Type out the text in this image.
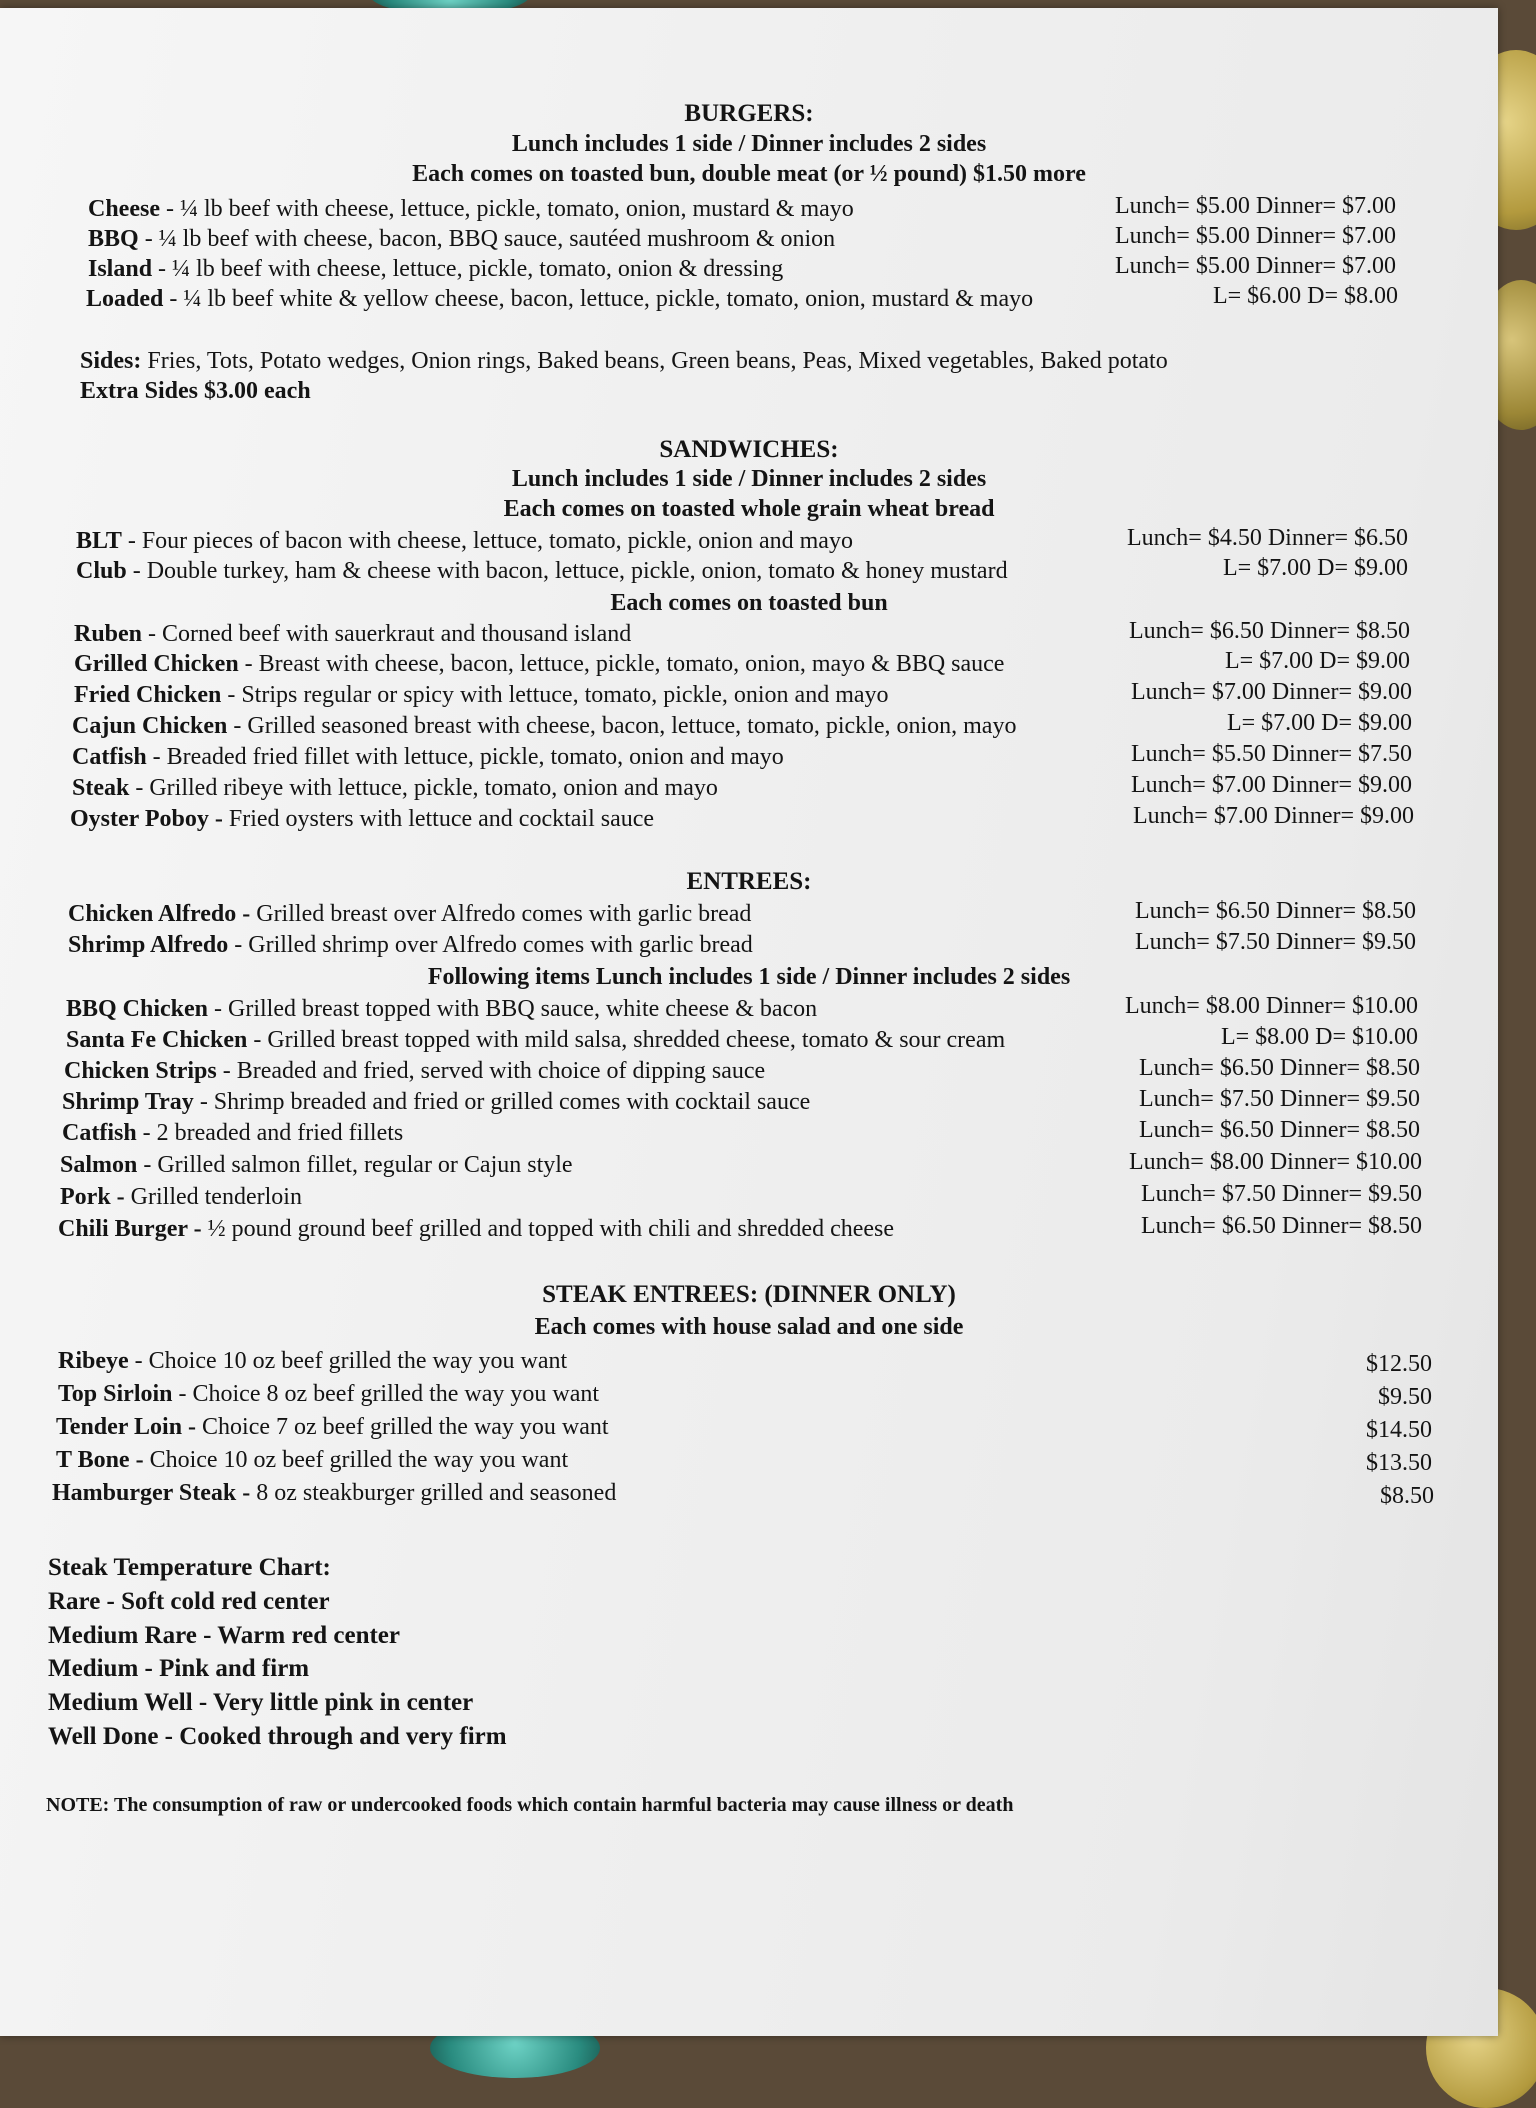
BURGERS:
Lunch includes 1 side / Dinner includes 2 sides
Each comes on toasted bun, double meat (or ½ pound) $1.50 more
Cheese - ¼ lb beef with cheese, lettuce, pickle, tomato, onion, mustard & mayo	Lunch= $5.00 Dinner= $7.00
BBQ - ¼ lb beef with cheese, bacon, BBQ sauce, sautéed mushroom & onion	Lunch= $5.00 Dinner= $7.00
Island - ¼ lb beef with cheese, lettuce, pickle, tomato, onion & dressing	Lunch= $5.00 Dinner= $7.00
Loaded - ¼ lb beef white & yellow cheese, bacon, lettuce, pickle, tomato, onion, mustard & mayo	L= $6.00 D= $8.00
Sides: Fries, Tots, Potato wedges, Onion rings, Baked beans, Green beans, Peas, Mixed vegetables, Baked potato
Extra Sides $3.00 each
SANDWICHES:
Lunch includes 1 side / Dinner includes 2 sides
Each comes on toasted whole grain wheat bread
BLT - Four pieces of bacon with cheese, lettuce, tomato, pickle, onion and mayo	Lunch= $4.50 Dinner= $6.50
Club - Double turkey, ham & cheese with bacon, lettuce, pickle, onion, tomato & honey mustard	L= $7.00 D= $9.00
Each comes on toasted bun
Ruben - Corned beef with sauerkraut and thousand island	Lunch= $6.50 Dinner= $8.50
Grilled Chicken - Breast with cheese, bacon, lettuce, pickle, tomato, onion, mayo & BBQ sauce	L= $7.00 D= $9.00
Fried Chicken - Strips regular or spicy with lettuce, tomato, pickle, onion and mayo	Lunch= $7.00 Dinner= $9.00
Cajun Chicken - Grilled seasoned breast with cheese, bacon, lettuce, tomato, pickle, onion, mayo	L= $7.00 D= $9.00
Catfish - Breaded fried fillet with lettuce, pickle, tomato, onion and mayo	Lunch= $5.50 Dinner= $7.50
Steak - Grilled ribeye with lettuce, pickle, tomato, onion and mayo	Lunch= $7.00 Dinner= $9.00
Oyster Poboy - Fried oysters with lettuce and cocktail sauce	Lunch= $7.00 Dinner= $9.00
ENTREES:
Chicken Alfredo - Grilled breast over Alfredo comes with garlic bread	Lunch= $6.50 Dinner= $8.50
Shrimp Alfredo - Grilled shrimp over Alfredo comes with garlic bread	Lunch= $7.50 Dinner= $9.50
Following items Lunch includes 1 side / Dinner includes 2 sides
BBQ Chicken - Grilled breast topped with BBQ sauce, white cheese & bacon	Lunch= $8.00 Dinner= $10.00
Santa Fe Chicken - Grilled breast topped with mild salsa, shredded cheese, tomato & sour cream	L= $8.00 D= $10.00
Chicken Strips - Breaded and fried, served with choice of dipping sauce	Lunch= $6.50 Dinner= $8.50
Shrimp Tray - Shrimp breaded and fried or grilled comes with cocktail sauce	Lunch= $7.50 Dinner= $9.50
Catfish - 2 breaded and fried fillets	Lunch= $6.50 Dinner= $8.50
Salmon - Grilled salmon fillet, regular or Cajun style	Lunch= $8.00 Dinner= $10.00
Pork - Grilled tenderloin	Lunch= $7.50 Dinner= $9.50
Chili Burger - ½ pound ground beef grilled and topped with chili and shredded cheese	Lunch= $6.50 Dinner= $8.50
STEAK ENTREES: (DINNER ONLY)
Each comes with house salad and one side
Ribeye - Choice 10 oz beef grilled the way you want	$12.50
Top Sirloin - Choice 8 oz beef grilled the way you want	$9.50
Tender Loin - Choice 7 oz beef grilled the way you want	$14.50
T Bone - Choice 10 oz beef grilled the way you want	$13.50
Hamburger Steak - 8 oz steakburger grilled and seasoned	$8.50
Steak Temperature Chart:
Rare - Soft cold red center
Medium Rare - Warm red center
Medium - Pink and firm
Medium Well - Very little pink in center
Well Done - Cooked through and very firm
NOTE: The consumption of raw or undercooked foods which contain harmful bacteria may cause illness or death
